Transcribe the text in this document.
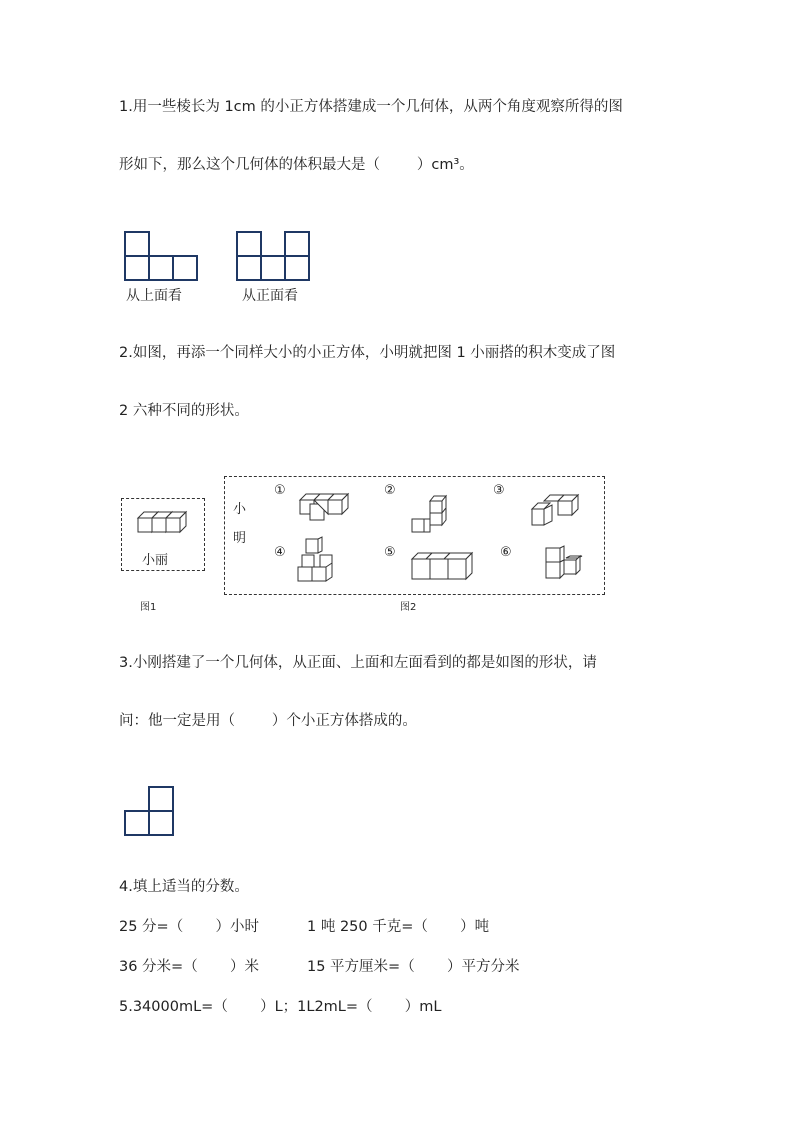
1.用一些棱长为 1cm 的小正方体搭建成一个几何体，从两个角度观察所得的图
形如下，那么这个几何体的体积最大是（        ）cm³。
从上面看	从正面看
2.如图，再添一个同样大小的小正方体，小明就把图 1 小丽搭的积木变成了图
2 六种不同的形状。
小丽
图1
小
明
图2
①	②	③
④	⑤	⑥
3.小刚搭建了一个几何体，从正面、上面和左面看到的都是如图的形状，请
问：他一定是用（        ）个小正方体搭成的。
4.填上适当的分数。
25 分=（       ）小时	1 吨 250 千克=（       ）吨
36 分米=（       ）米	15 平方厘米=（       ）平方分米
5.34000mL=（       ）L；1L2mL=（       ）mL
